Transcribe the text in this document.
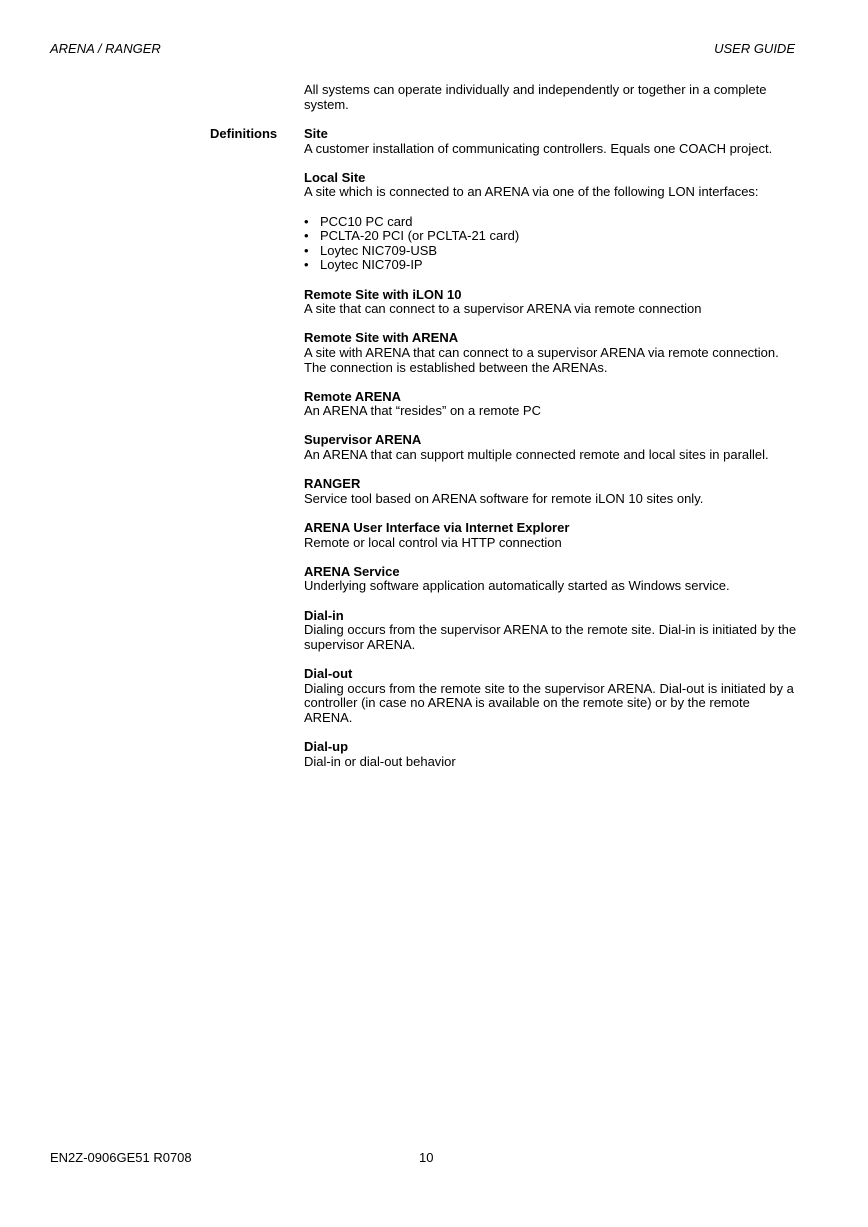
ARENA / RANGER	USER GUIDE
All systems can operate individually and independently or together in a complete system.
Definitions Site
A customer installation of communicating controllers. Equals one COACH project.
Local Site
A site which is connected to an ARENA via one of the following LON interfaces:
• PCC10 PC card
• PCLTA-20 PCI (or PCLTA-21 card)
• Loytec NIC709-USB
• Loytec NIC709-IP
Remote Site with iLON 10
A site that can connect to a supervisor ARENA via remote connection
Remote Site with ARENA
A site with ARENA that can connect to a supervisor ARENA via remote connection. The connection is established between the ARENAs.
Remote ARENA
An ARENA that “resides” on a remote PC
Supervisor ARENA
An ARENA that can support multiple connected remote and local sites in parallel.
RANGER
Service tool based on ARENA software for remote iLON 10 sites only.
ARENA User Interface via Internet Explorer
Remote or local control via HTTP connection
ARENA Service
Underlying software application automatically started as Windows service.
Dial-in
Dialing occurs from the supervisor ARENA to the remote site. Dial-in is initiated by the supervisor ARENA.
Dial-out
Dialing occurs from the remote site to the supervisor ARENA. Dial-out is initiated by a controller (in case no ARENA is available on the remote site) or by the remote ARENA.
Dial-up
Dial-in or dial-out behavior
EN2Z-0906GE51 R0708	10
